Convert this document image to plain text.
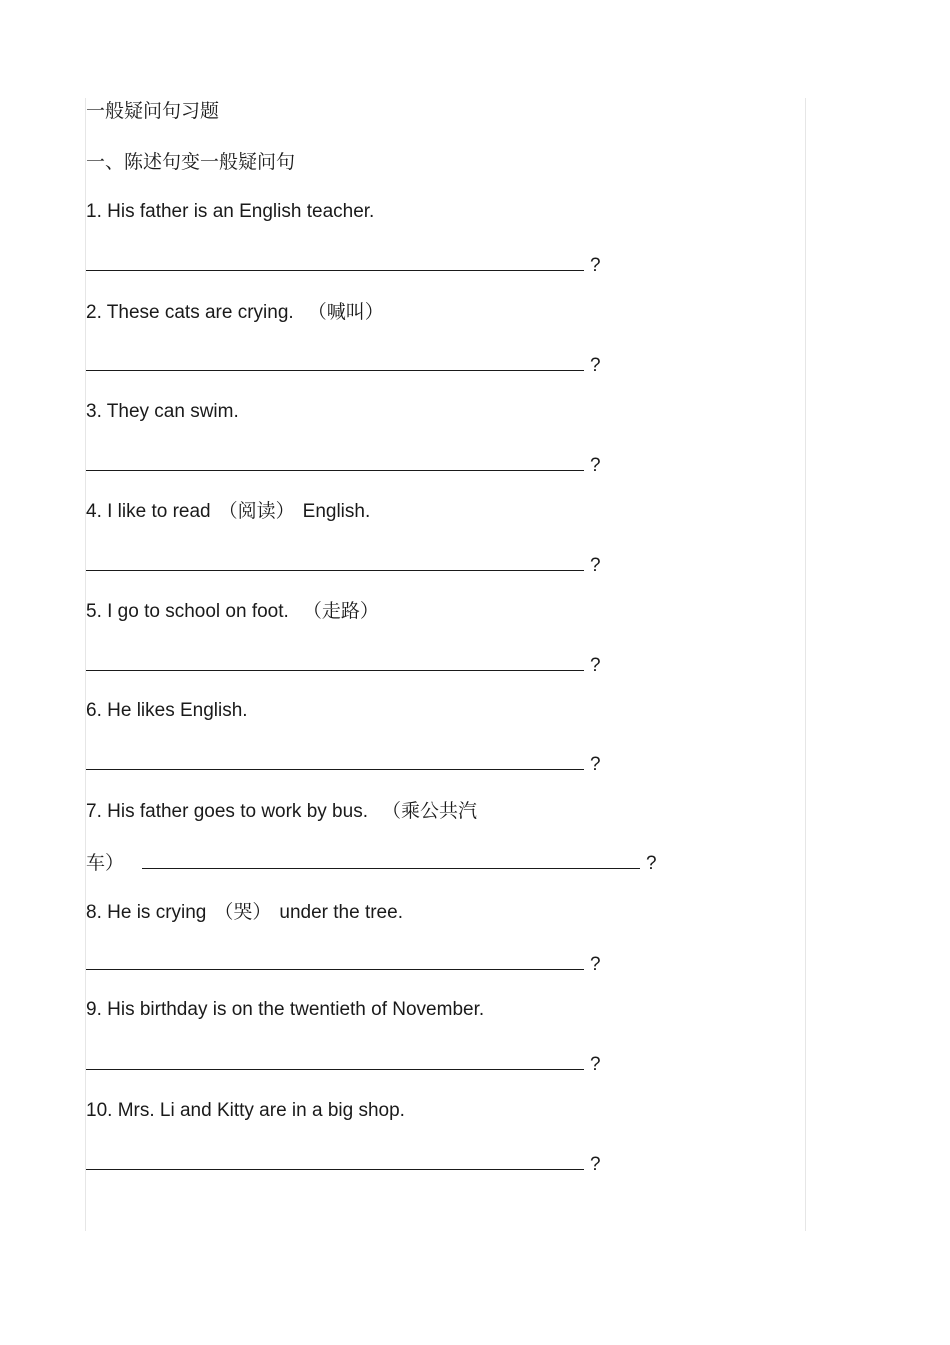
一般疑问句习题
一、陈述句变一般疑问句
1. His father is an English teacher.
?
2. These cats are crying. （喊叫）
?
3. They can swim.
?
4. I like to read （阅读） English.
?
5. I go to school on foot. （走路）
?
6. He likes English.
?
7. His father goes to work by bus. （乘公共汽
车）	?
8. He is crying （哭） under the tree.
?
9. His birthday is on the twentieth of November.
?
10. Mrs. Li and Kitty are in a big shop.
?
